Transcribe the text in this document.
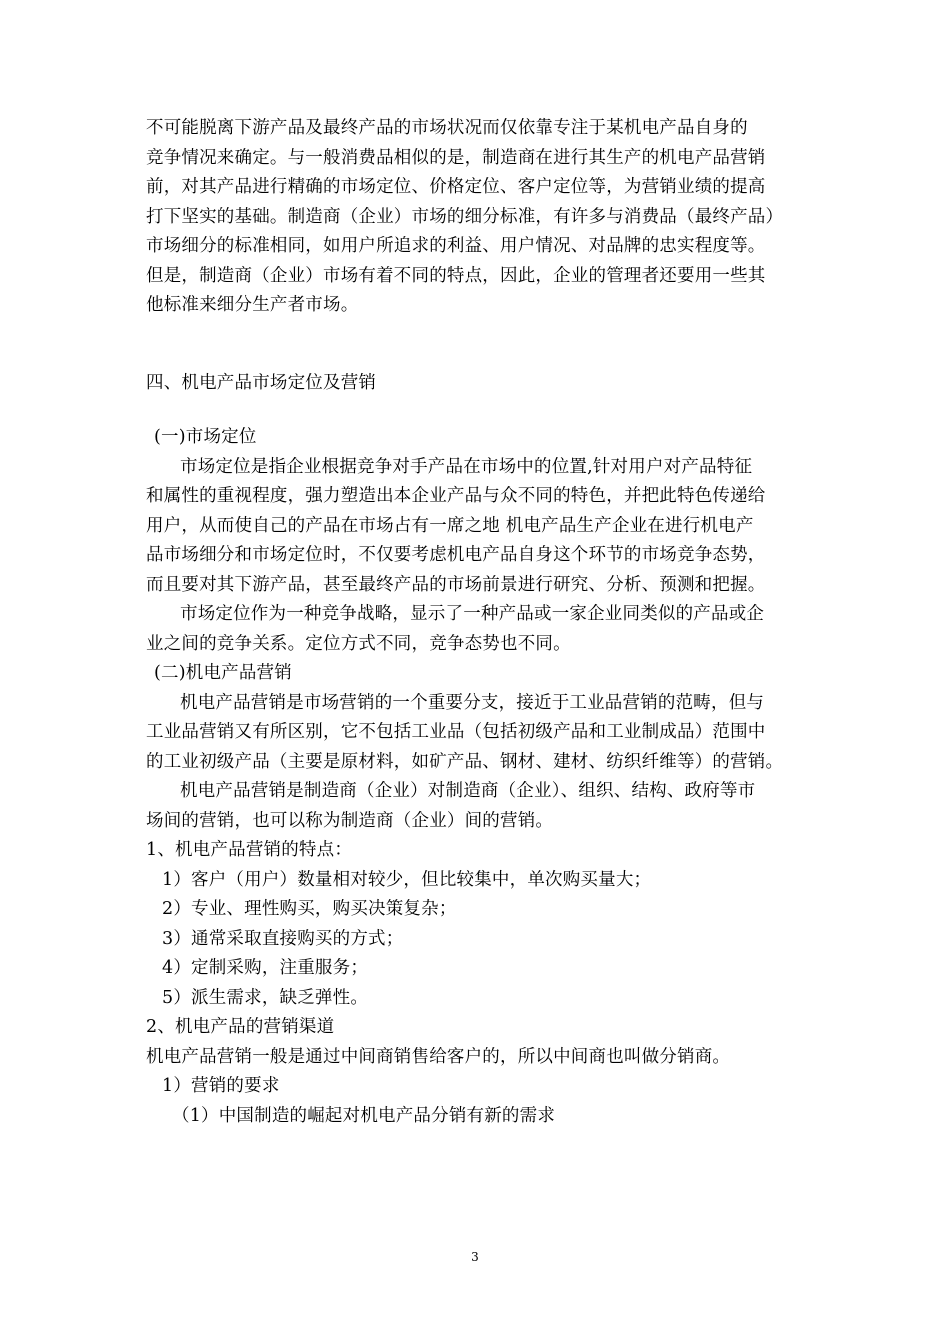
不可能脱离下游产品及最终产品的市场状况而仅依靠专注于某机电产品自身的
竞争情况来确定。与一般消费品相似的是，制造商在进行其生产的机电产品营销
前，对其产品进行精确的市场定位、价格定位、客户定位等，为营销业绩的提高
打下坚实的基础。制造商（企业）市场的细分标准，有许多与消费品（最终产品）
市场细分的标准相同，如用户所追求的利益、用户情况、对品牌的忠实程度等。
但是，制造商（企业）市场有着不同的特点，因此，企业的管理者还要用一些其
他标准来细分生产者市场。
四、机电产品市场定位及营销
(一)市场定位
市场定位是指企业根据竞争对手产品在市场中的位置,针对用户对产品特征
和属性的重视程度，强力塑造出本企业产品与众不同的特色，并把此特色传递给
用户，从而使自己的产品在市场占有一席之地 机电产品生产企业在进行机电产
品市场细分和市场定位时，不仅要考虑机电产品自身这个环节的市场竞争态势，
而且要对其下游产品，甚至最终产品的市场前景进行研究、分析、预测和把握。
市场定位作为一种竞争战略，显示了一种产品或一家企业同类似的产品或企
业之间的竞争关系。定位方式不同，竞争态势也不同。
(二)机电产品营销
机电产品营销是市场营销的一个重要分支，接近于工业品营销的范畴，但与
工业品营销又有所区别，它不包括工业品（包括初级产品和工业制成品）范围中
的工业初级产品（主要是原材料，如矿产品、钢材、建材、纺织纤维等）的营销。
机电产品营销是制造商（企业）对制造商（企业）、组织、结构、政府等市
场间的营销，也可以称为制造商（企业）间的营销。
1、机电产品营销的特点：
1）客户（用户）数量相对较少，但比较集中，单次购买量大；
2）专业、理性购买，购买决策复杂；
3）通常采取直接购买的方式；
4）定制采购，注重服务；
5）派生需求，缺乏弹性。
2、机电产品的营销渠道
机电产品营销一般是通过中间商销售给客户的，所以中间商也叫做分销商。
1）营销的要求
（1）中国制造的崛起对机电产品分销有新的需求
3
